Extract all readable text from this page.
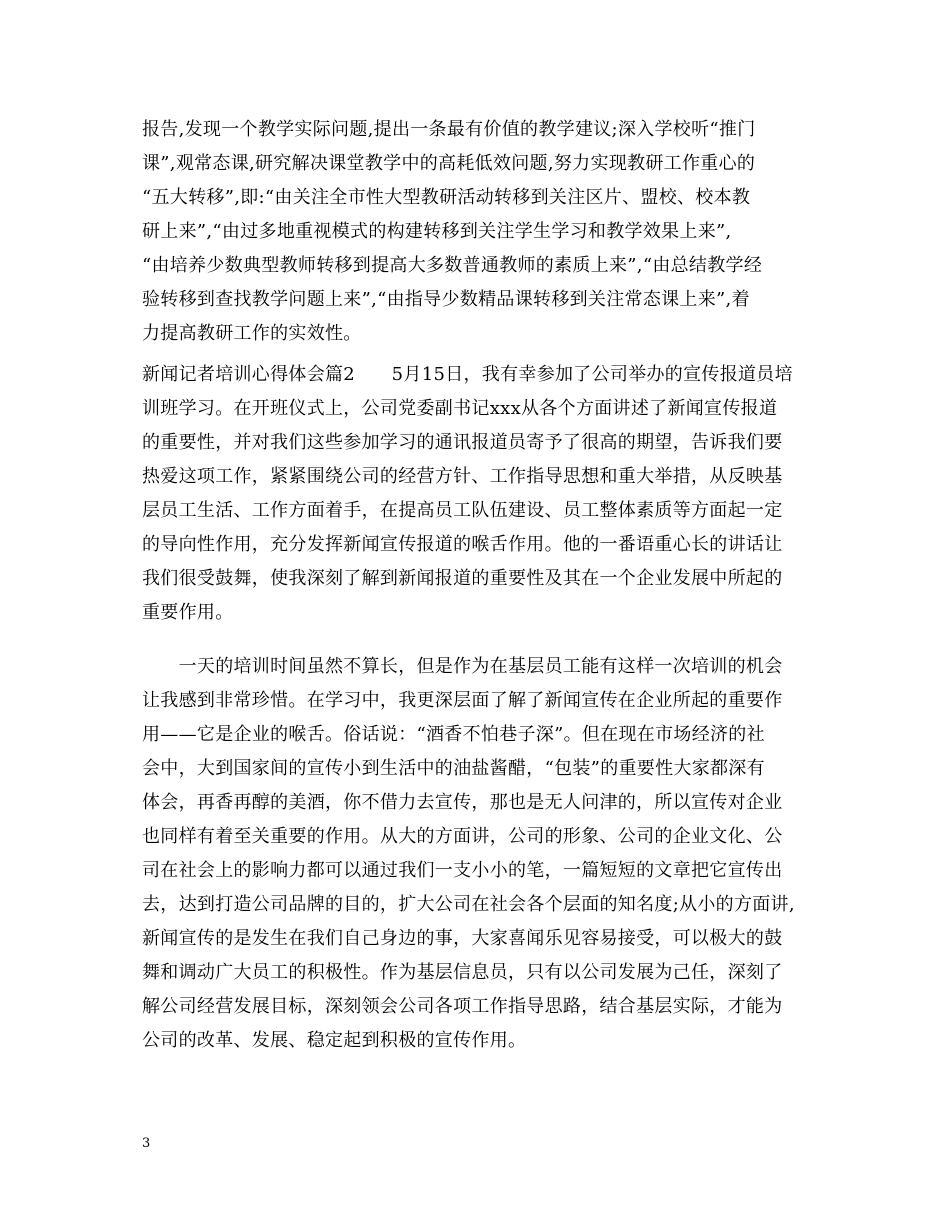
报告,发现一个教学实际问题,提出一条最有价值的教学建议;深入学校听“推门
课”,观常态课,研究解决课堂教学中的高耗低效问题,努力实现教研工作重心的
“五大转移”,即:“由关注全市性大型教研活动转移到关注区片、盟校、校本教
研上来”,“由过多地重视模式的构建转移到关注学生学习和教学效果上来”,
“由培养少数典型教师转移到提高大多数普通教师的素质上来”,“由总结教学经
验转移到查找教学问题上来”,“由指导少数精品课转移到关注常态课上来”,着
力提高教研工作的实效性。
新闻记者培训心得体会篇2　　5月15日，我有幸参加了公司举办的宣传报道员培
训班学习。在开班仪式上，公司党委副书记xxx从各个方面讲述了新闻宣传报道
的重要性，并对我们这些参加学习的通讯报道员寄予了很高的期望，告诉我们要
热爱这项工作，紧紧围绕公司的经营方针、工作指导思想和重大举措，从反映基
层员工生活、工作方面着手，在提高员工队伍建设、员工整体素质等方面起一定
的导向性作用，充分发挥新闻宣传报道的喉舌作用。他的一番语重心长的讲话让
我们很受鼓舞，使我深刻了解到新闻报道的重要性及其在一个企业发展中所起的
重要作用。
　　一天的培训时间虽然不算长，但是作为在基层员工能有这样一次培训的机会
让我感到非常珍惜。在学习中，我更深层面了解了新闻宣传在企业所起的重要作
用——它是企业的喉舌。俗话说：“酒香不怕巷子深”。但在现在市场经济的社
会中，大到国家间的宣传小到生活中的油盐酱醋，“包装”的重要性大家都深有
体会，再香再醇的美酒，你不借力去宣传，那也是无人问津的，所以宣传对企业
也同样有着至关重要的作用。从大的方面讲，公司的形象、公司的企业文化、公
司在社会上的影响力都可以通过我们一支小小的笔，一篇短短的文章把它宣传出
去，达到打造公司品牌的目的，扩大公司在社会各个层面的知名度;从小的方面讲,
新闻宣传的是发生在我们自己身边的事，大家喜闻乐见容易接受，可以极大的鼓
舞和调动广大员工的积极性。作为基层信息员，只有以公司发展为己任，深刻了
解公司经营发展目标，深刻领会公司各项工作指导思路，结合基层实际，才能为
公司的改革、发展、稳定起到积极的宣传作用。
3
